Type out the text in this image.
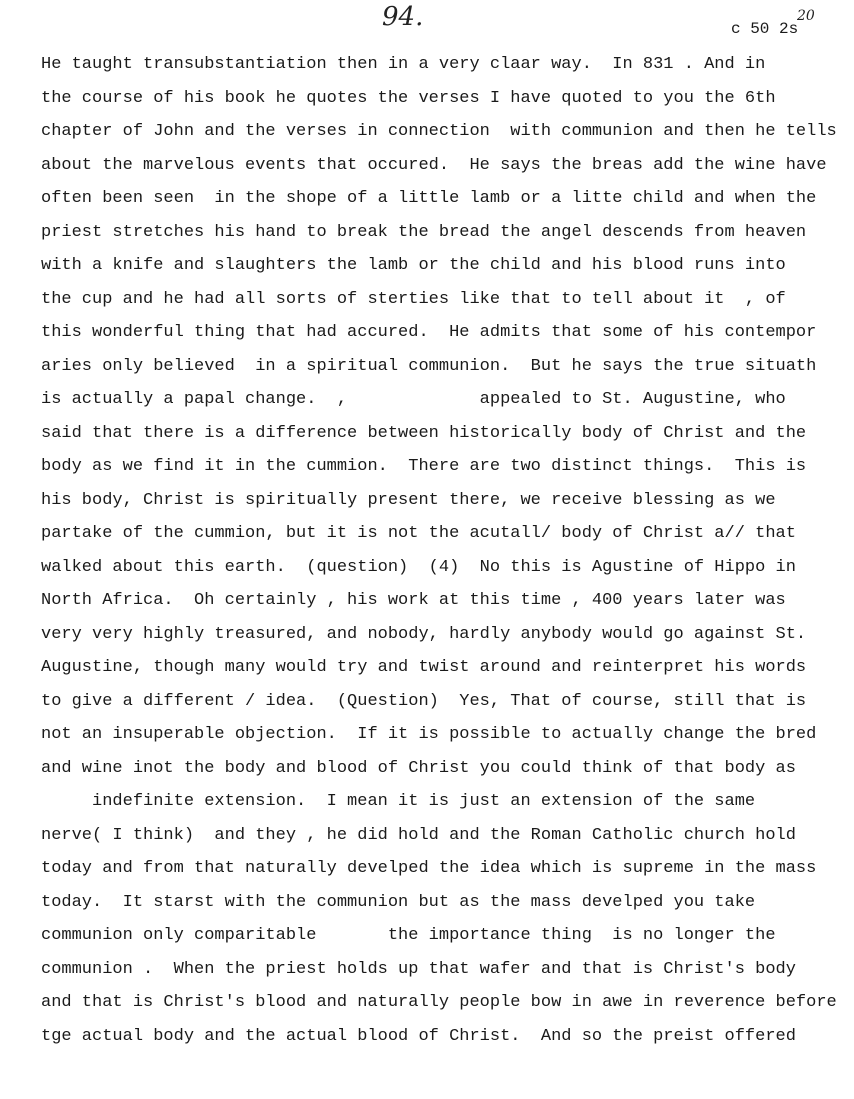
94.	c 50 2s
20
He taught transubstantiation then in a very claar way.  In 831 . And in
the course of his book he quotes the verses I have quoted to you the 6th
chapter of John and the verses in connection  with communion and then he tells
about the marvelous events that occured.  He says the breas add the wine have
often been seen  in the shope of a little lamb or a litte child and when the
priest stretches his hand to break the bread the angel descends from heaven
with a knife and slaughters the lamb or the child and his blood runs into
the cup and he had all sorts of sterties like that to tell about it  , of
this wonderful thing that had accured.  He admits that some of his contempor
aries only believed  in a spiritual communion.  But he says the true situath
is actually a papal change.  ,             appealed to St. Augustine, who
said that there is a difference between historically body of Christ and the
body as we find it in the cummion.  There are two distinct things.  This is
his body, Christ is spiritually present there, we receive blessing as we
partake of the cummion, but it is not the acutall/ body of Christ a// that
walked about this earth.  (question)  (4)  No this is Agustine of Hippo in
North Africa.  Oh certainly , his work at this time , 400 years later was
very very highly treasured, and nobody, hardly anybody would go against St.
Augustine, though many would try and twist around and reinterpret his words
to give a different / idea.  (Question)  Yes, That of course, still that is
not an insuperable objection.  If it is possible to actually change the bred
and wine inot the body and blood of Christ you could think of that body as
indefinite extension.  I mean it is just an extension of the same
nerve( I think)  and they , he did hold and the Roman Catholic church hold
today and from that naturally develped the idea which is supreme in the mass
today.  It starst with the communion but as the mass develped you take
communion only comparitable       the importance thing  is no longer the
communion .  When the priest holds up that wafer and that is Christ's body
and that is Christ's blood and naturally people bow in awe in reverence before
tge actual body and the actual blood of Christ.  And so the preist offered
